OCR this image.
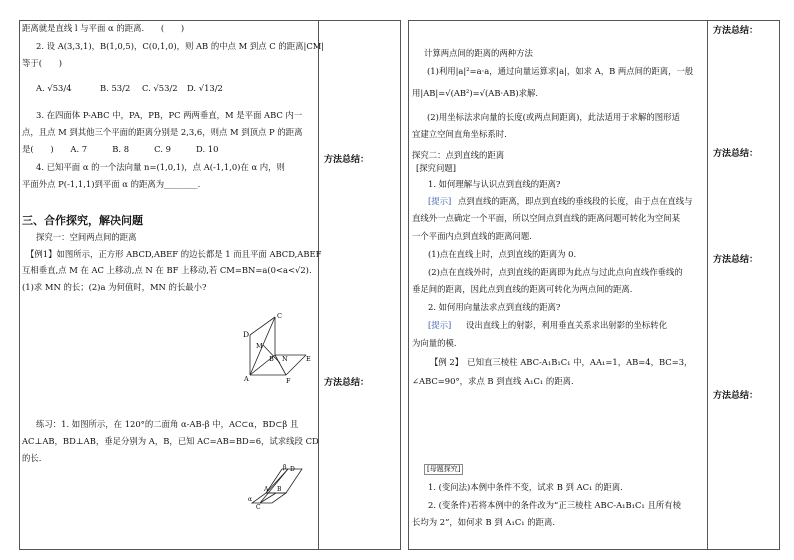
距离就是直线 l 与平面 α 的距离.　　(　　)
2. 设 A(3,3,1)，B(1,0,5)，C(0,1,0)，则 AB 的中点 M 到点 C 的距离|CM|
等于(　　)
A. √53/4	B. 53/2 C. √53/2 D. √13/2
3. 在四面体 P-ABC 中，PA，PB，PC 两两垂直，M 是平面 ABC 内一
点，且点 M 到其他三个平面的距离分别是 2,3,6，则点 M 到顶点 P 的距离
是(　　)　　A. 7　　　B. 8　　　C. 9　　　D. 10
4. 已知平面 α 的一个法向量 n=(1,0,1)，点 A(-1,1,0)在 α 内，则
平面外点 P(-1,1,1)到平面 α 的距离为________.
三、合作探究，解决问题
探究一：空间两点间的距离
【例1】如图所示，正方形 ABCD,ABEF 的边长都是 1 而且平面 ABCD,ABEF
互相垂直,点 M 在 AC 上移动,点 N 在 BF 上移动,若 CM=BN=a(0<a<√2).
(1)求 MN 的长；(2)a 为何值时，MN 的长最小?
D
C
N
M
B	E
A	F
练习：1. 如图所示，在 120°的二面角 α-AB-β 中，AC⊂α，BD⊂β 且
AC⊥AB，BD⊥AB，垂足分别为 A，B，已知 AC=AB=BD=6，试求线段 CD
的长.
β D
A B
C
α
方法总结：
方法总结：
方法总结：
方法总结：
方法总结：
方法总结：
计算两点间的距离的两种方法
(1)利用|a|²=a·a，通过向量运算求|a|，如求 A，B 两点间的距离，一般
用|AB|=√(AB²)=√(AB·AB)求解.
(2)用坐标法求向量的长度(或两点间距离)，此法适用于求解的图形适
宜建立空间直角坐标系时.
探究二：点到直线的距离
[探究问题]
1. 如何理解与认识点到直线的距离?
[提示] 点到直线的距离，即点到直线的垂线段的长度，由于点在直线与
直线外一点确定一个平面，所以空间点到直线的距离问题可转化为空间某
一个平面内点到直线的距离问题.
(1)点在直线上时，点到直线的距离为 0.
(2)点在直线外时，点到直线的距离即为此点与过此点向直线作垂线的
垂足间的距离，因此点到直线的距离可转化为两点间的距离.
2. 如何用向量法求点到直线的距离?
[提示] 设出直线上的射影，利用垂直关系求出射影的坐标转化
为向量的模.
【例 2】　已知直三棱柱 ABC-A₁B₁C₁ 中，AA₁=1，AB=4，BC=3，
∠ABC=90°，求点 B 到直线 A₁C₁ 的距离.
[母题探究]
1. (变问法)本例中条件不变，试求 B 到 AC₁ 的距离.
2. (变条件)若将本例中的条件改为“正三棱柱 ABC-A₁B₁C₁ 且所有棱
长均为 2”，如何求 B 到 A₁C₁ 的距离.
